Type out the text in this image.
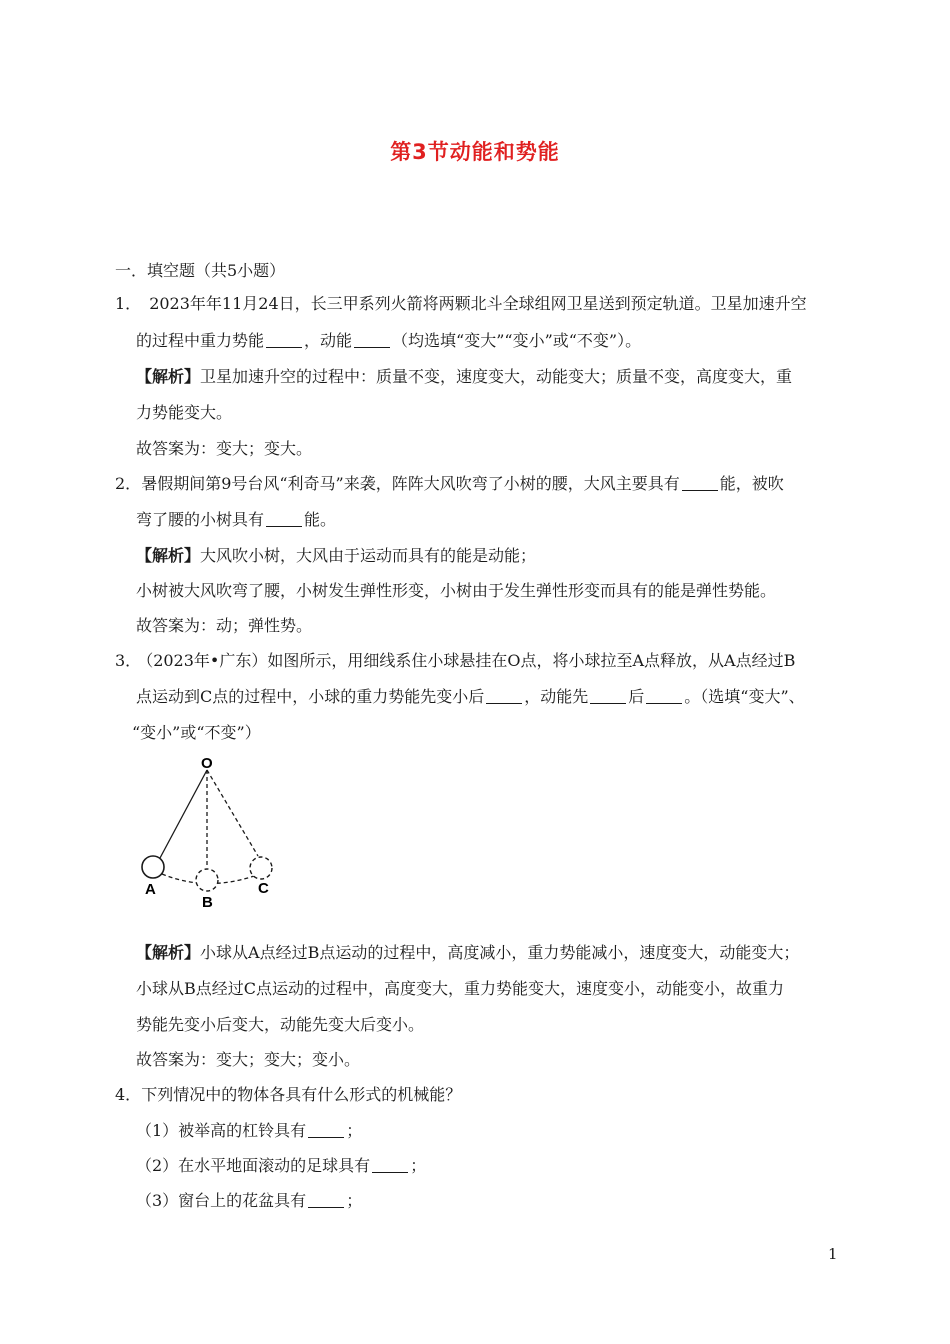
第3节动能和势能
一．填空题（共5小题）
1． 2023年年11月24日，长三甲系列火箭将两颗北斗全球组网卫星送到预定轨道。卫星加速升空
的过程中重力势能	，动能	（均选填“变大”“变小”或“不变”）。
【解析】卫星加速升空的过程中：质量不变，速度变大，动能变大；质量不变，高度变大，重
力势能变大。
故答案为：变大；变大。
2．暑假期间第9号台风“利奇马”来袭，阵阵大风吹弯了小树的腰，大风主要具有	能，被吹
弯了腰的小树具有	能。
【解析】大风吹小树，大风由于运动而具有的能是动能；
小树被大风吹弯了腰，小树发生弹性形变，小树由于发生弹性形变而具有的能是弹性势能。
故答案为：动；弹性势。
3． （2023年•广东）如图所示，用细线系住小球悬挂在O点，将小球拉至A点释放，从A点经过B
点运动到C点的过程中，小球的重力势能先变小后	，动能先	后	。（选填“变大”、
“变小”或“不变”）
O
A
B
C
【解析】小球从A点经过B点运动的过程中，高度减小，重力势能减小，速度变大，动能变大；
小球从B点经过C点运动的过程中，高度变大，重力势能变大，速度变小，动能变小，故重力
势能先变小后变大，动能先变大后变小。
故答案为：变大；变大；变小。
4．下列情况中的物体各具有什么形式的机械能？
（1）被举高的杠铃具有	；
（2）在水平地面滚动的足球具有	；
（3）窗台上的花盆具有	；
1
